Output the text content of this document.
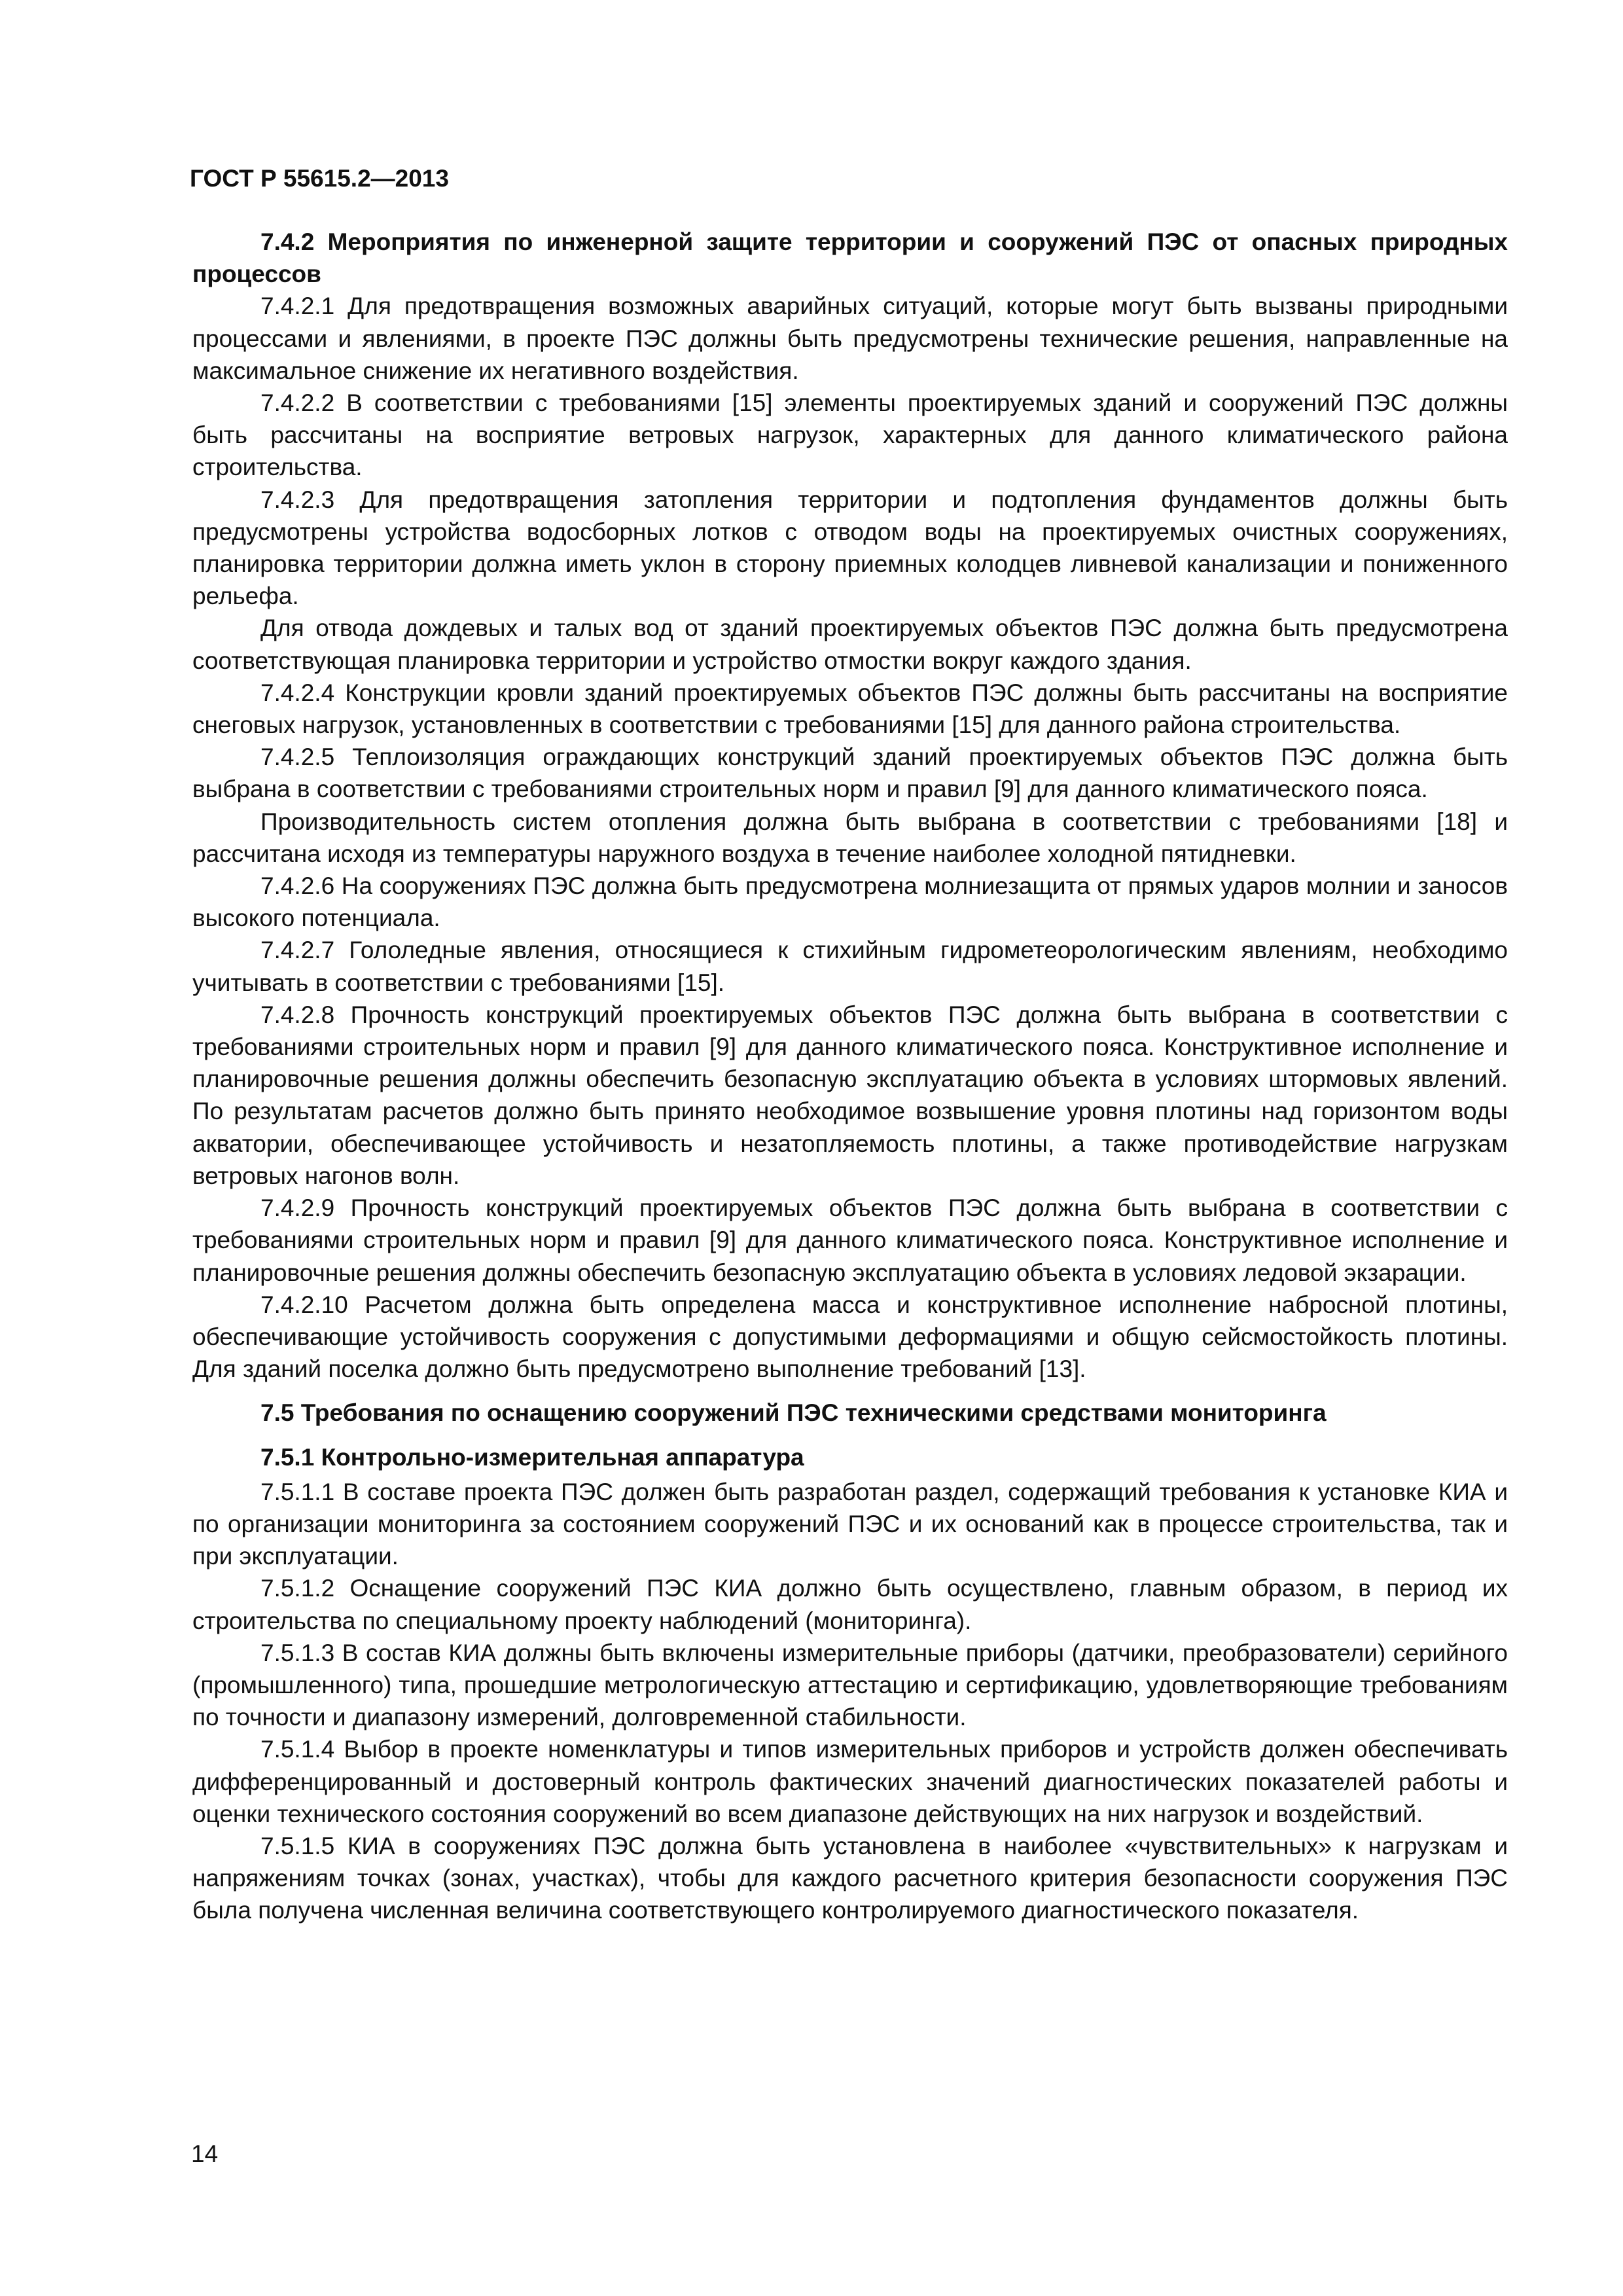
ГОСТ Р 55615.2—2013
7.4.2 Мероприятия по инженерной защите территории и сооружений ПЭС от опасных природных процессов

7.4.2.1 Для предотвращения возможных аварийных ситуаций, которые могут быть вызваны природными процессами и явлениями, в проекте ПЭС должны быть предусмотрены технические решения, направленные на максимальное снижение их негативного воздействия.

7.4.2.2 В соответствии с требованиями [15] элементы проектируемых зданий и сооружений ПЭС должны быть рассчитаны на восприятие ветровых нагрузок, характерных для данного климатического района строительства.

7.4.2.3 Для предотвращения затопления территории и подтопления фундаментов должны быть предусмотрены устройства водосборных лотков с отводом воды на проектируемых очистных сооружениях, планировка территории должна иметь уклон в сторону приемных колодцев ливневой канализации и пониженного рельефа.

Для отвода дождевых и талых вод от зданий проектируемых объектов ПЭС должна быть предусмотрена соответствующая планировка территории и устройство отмостки вокруг каждого здания.

7.4.2.4 Конструкции кровли зданий проектируемых объектов ПЭС должны быть рассчитаны на восприятие снеговых нагрузок, установленных в соответствии с требованиями [15] для данного района строительства.

7.4.2.5 Теплоизоляция ограждающих конструкций зданий проектируемых объектов ПЭС должна быть выбрана в соответствии с требованиями строительных норм и правил [9] для данного климатического пояса.

Производительность систем отопления должна быть выбрана в соответствии с требованиями [18] и рассчитана исходя из температуры наружного воздуха в течение наиболее холодной пятидневки.

7.4.2.6 На сооружениях ПЭС должна быть предусмотрена молниезащита от прямых ударов молнии и заносов высокого потенциала.

7.4.2.7 Гололедные явления, относящиеся к стихийным гидрометеорологическим явлениям, необходимо учитывать в соответствии с требованиями [15].

7.4.2.8 Прочность конструкций проектируемых объектов ПЭС должна быть выбрана в соответствии с требованиями строительных норм и правил [9] для данного климатического пояса. Конструктивное исполнение и планировочные решения должны обеспечить безопасную эксплуатацию объекта в условиях штормовых явлений. По результатам расчетов должно быть принято необходимое возвышение уровня плотины над горизонтом воды акватории, обеспечивающее устойчивость и незатопляемость плотины, а также противодействие нагрузкам ветровых нагонов волн.

7.4.2.9 Прочность конструкций проектируемых объектов ПЭС должна быть выбрана в соответствии с требованиями строительных норм и правил [9] для данного климатического пояса. Конструктивное исполнение и планировочные решения должны обеспечить безопасную эксплуатацию объекта в условиях ледовой экзарации.

7.4.2.10 Расчетом должна быть определена масса и конструктивное исполнение набросной плотины, обеспечивающие устойчивость сооружения с допустимыми деформациями и общую сейсмостойкость плотины. Для зданий поселка должно быть предусмотрено выполнение требований [13].

7.5 Требования по оснащению сооружений ПЭС техническими средствами мониторинга
7.5.1 Контрольно-измерительная аппаратура

7.5.1.1 В составе проекта ПЭС должен быть разработан раздел, содержащий требования к установке КИА и по организации мониторинга за состоянием сооружений ПЭС и их оснований как в процессе строительства, так и при эксплуатации.

7.5.1.2 Оснащение сооружений ПЭС КИА должно быть осуществлено, главным образом, в период их строительства по специальному проекту наблюдений (мониторинга).

7.5.1.3 В состав КИА должны быть включены измерительные приборы (датчики, преобразователи) серийного (промышленного) типа, прошедшие метрологическую аттестацию и сертификацию, удовлетворяющие требованиям по точности и диапазону измерений, долговременной стабильности.

7.5.1.4 Выбор в проекте номенклатуры и типов измерительных приборов и устройств должен обеспечивать дифференцированный и достоверный контроль фактических значений диагностических показателей работы и оценки технического состояния сооружений во всем диапазоне действующих на них нагрузок и воздействий.

7.5.1.5 КИА в сооружениях ПЭС должна быть установлена в наиболее «чувствительных» к нагрузкам и напряжениям точках (зонах, участках), чтобы для каждого расчетного критерия безопасности сооружения ПЭС была получена численная величина соответствующего контролируемого диагностического показателя.

14
